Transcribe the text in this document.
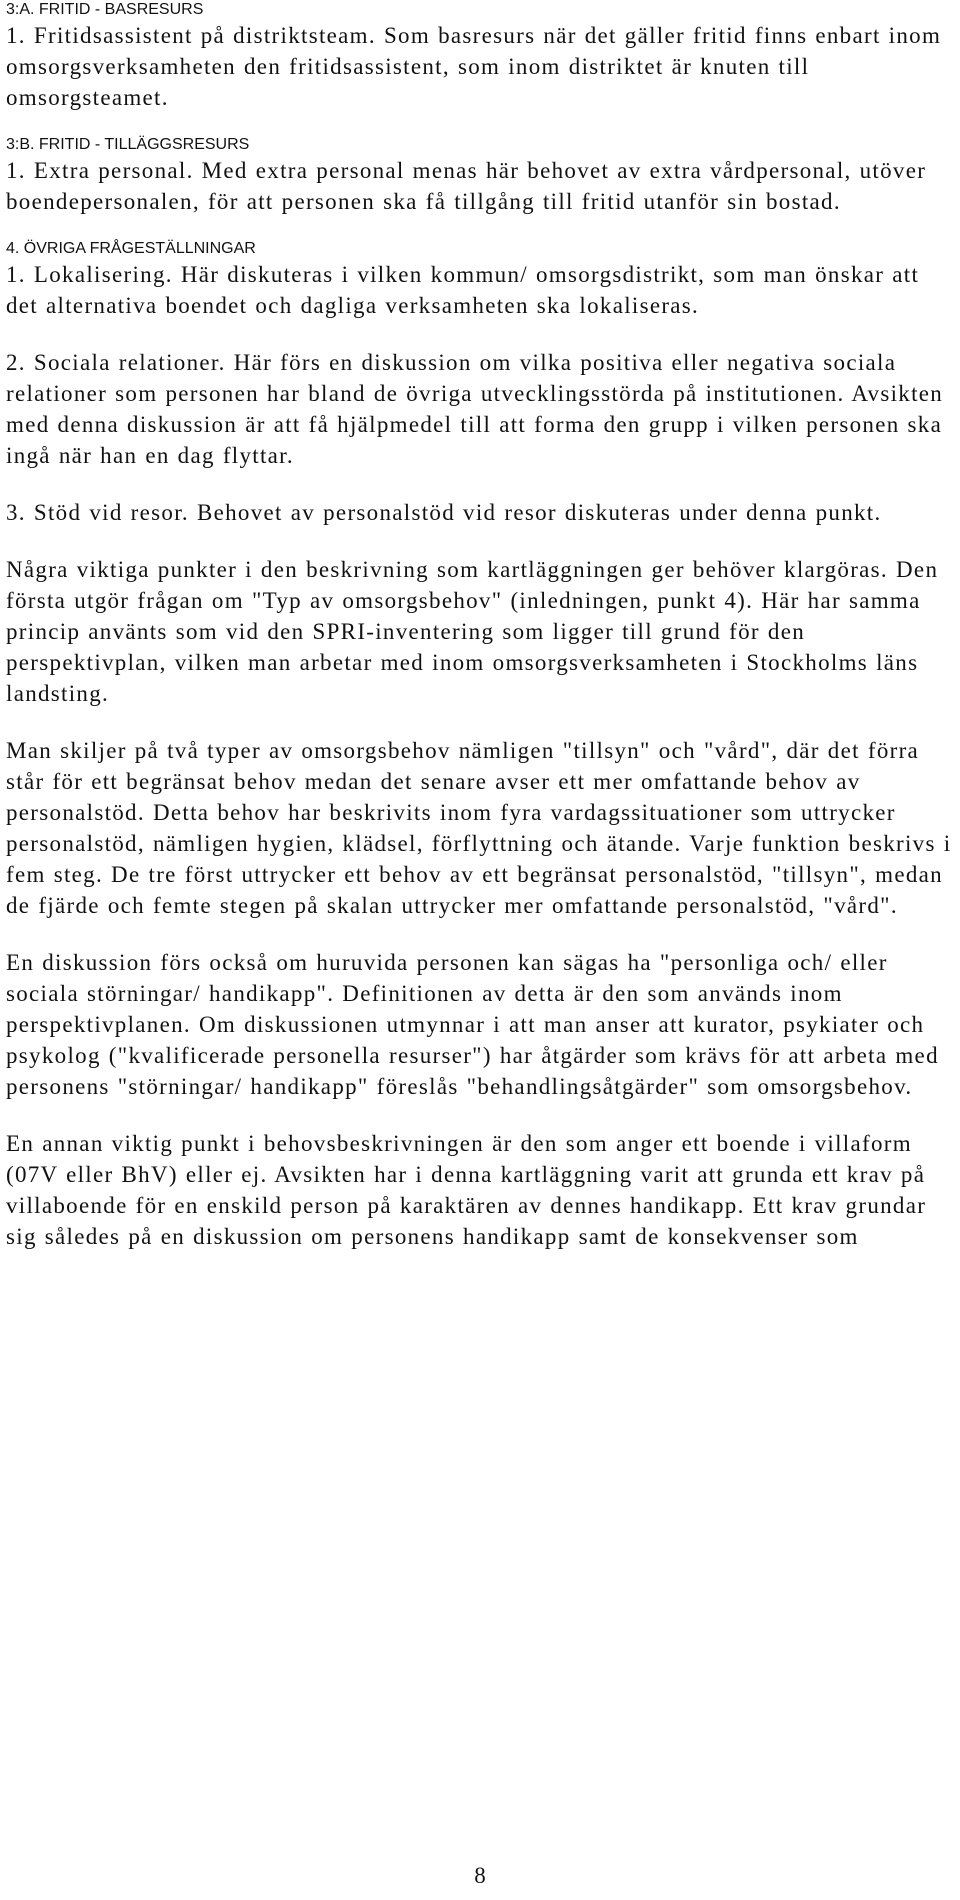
3:A. FRITID - BASRESURS

1. Fritidsassistent på distriktsteam. Som basresurs när det gäller fritid finns enbart inom omsorgsverksamheten den fritidsassistent, som inom distriktet är knuten till omsorgsteamet.

3:B. FRITID - TILLÄGGSRESURS

1. Extra personal. Med extra personal menas här behovet av extra vårdpersonal, utöver boendepersonalen, för att personen ska få tillgång till fritid utanför sin bostad.

4. ÖVRIGA FRÅGESTÄLLNINGAR

1. Lokalisering. Här diskuteras i vilken kommun/ omsorgsdistrikt, som man önskar att det alternativa boendet och dagliga verksamheten ska lokaliseras.

2. Sociala relationer. Här förs en diskussion om vilka positiva eller negativa sociala relationer som personen har bland de övriga utvecklingsstörda på institutionen. Avsikten med denna diskussion är att få hjälpmedel till att forma den grupp i vilken personen ska ingå när han en dag flyttar.

3. Stöd vid resor. Behovet av personalstöd vid resor diskuteras under denna punkt.

Några viktiga punkter i den beskrivning som kartläggningen ger behöver klargöras. Den första utgör frågan om "Typ av omsorgsbehov" (inledningen, punkt 4). Här har samma princip använts som vid den SPRI-inventering som ligger till grund för den perspektivplan, vilken man arbetar med inom omsorgsverksamheten i Stockholms läns landsting.

Man skiljer på två typer av omsorgsbehov nämligen "tillsyn" och "vård", där det förra står för ett begränsat behov medan det senare avser ett mer omfattande behov av personalstöd. Detta behov har beskrivits inom fyra vardagssituationer som uttrycker personalstöd, nämligen hygien, klädsel, förflyttning och ätande. Varje funktion beskrivs i fem steg. De tre först uttrycker ett behov av ett begränsat personalstöd, "tillsyn", medan de fjärde och femte stegen på skalan uttrycker mer omfattande personalstöd, "vård".

En diskussion förs också om huruvida personen kan sägas ha "personliga och/ eller sociala störningar/ handikapp". Definitionen av detta är den som används inom perspektivplanen. Om diskussionen utmynnar i att man anser att kurator, psykiater och psykolog ("kvalificerade personella resurser") har åtgärder som krävs för att arbeta med personens "störningar/ handikapp" föreslås "behandlingsåtgärder" som omsorgsbehov.

En annan viktig punkt i behovsbeskrivningen är den som anger ett boende i villaform (07V eller BhV) eller ej. Avsikten har i denna kartläggning varit att grunda ett krav på villaboende för en enskild person på karaktären av dennes handikapp. Ett krav grundar sig således på en diskussion om personens handikapp samt de konsekvenser som

8
